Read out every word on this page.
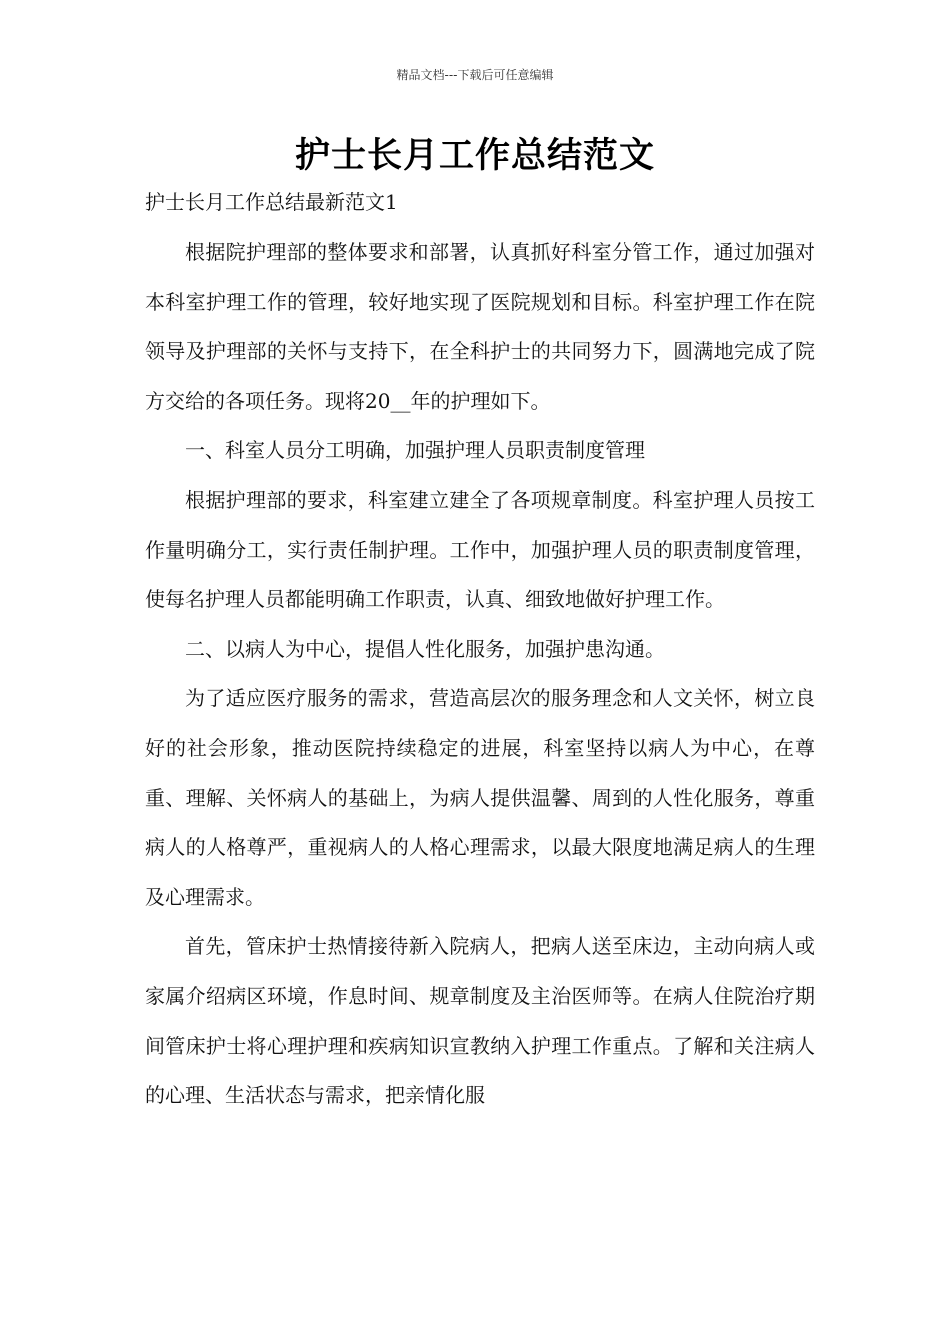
精品文档---下载后可任意编辑
护士长月工作总结范文
护士长月工作总结最新范文1

根据院护理部的整体要求和部署，认真抓好科室分管工作，通过加强对本科室护理工作的管理，较好地实现了医院规划和目标。科室护理工作在院领导及护理部的关怀与支持下，在全科护士的共同努力下，圆满地完成了院方交给的各项任务。现将20__年的护理如下。

一、科室人员分工明确，加强护理人员职责制度管理

根据护理部的要求，科室建立建全了各项规章制度。科室护理人员按工作量明确分工，实行责任制护理。工作中，加强护理人员的职责制度管理，使每名护理人员都能明确工作职责，认真、细致地做好护理工作。

二、以病人为中心，提倡人性化服务，加强护患沟通。

为了适应医疗服务的需求，营造高层次的服务理念和人文关怀，树立良好的社会形象，推动医院持续稳定的进展，科室坚持以病人为中心，在尊重、理解、关怀病人的基础上，为病人提供温馨、周到的人性化服务，尊重病人的人格尊严，重视病人的人格心理需求，以最大限度地满足病人的生理及心理需求。

首先，管床护士热情接待新入院病人，把病人送至床边，主动向病人或家属介绍病区环境，作息时间、规章制度及主治医师等。在病人住院治疗期间管床护士将心理护理和疾病知识宣教纳入护理工作重点。了解和关注病人的心理、生活状态与需求，把亲情化服
